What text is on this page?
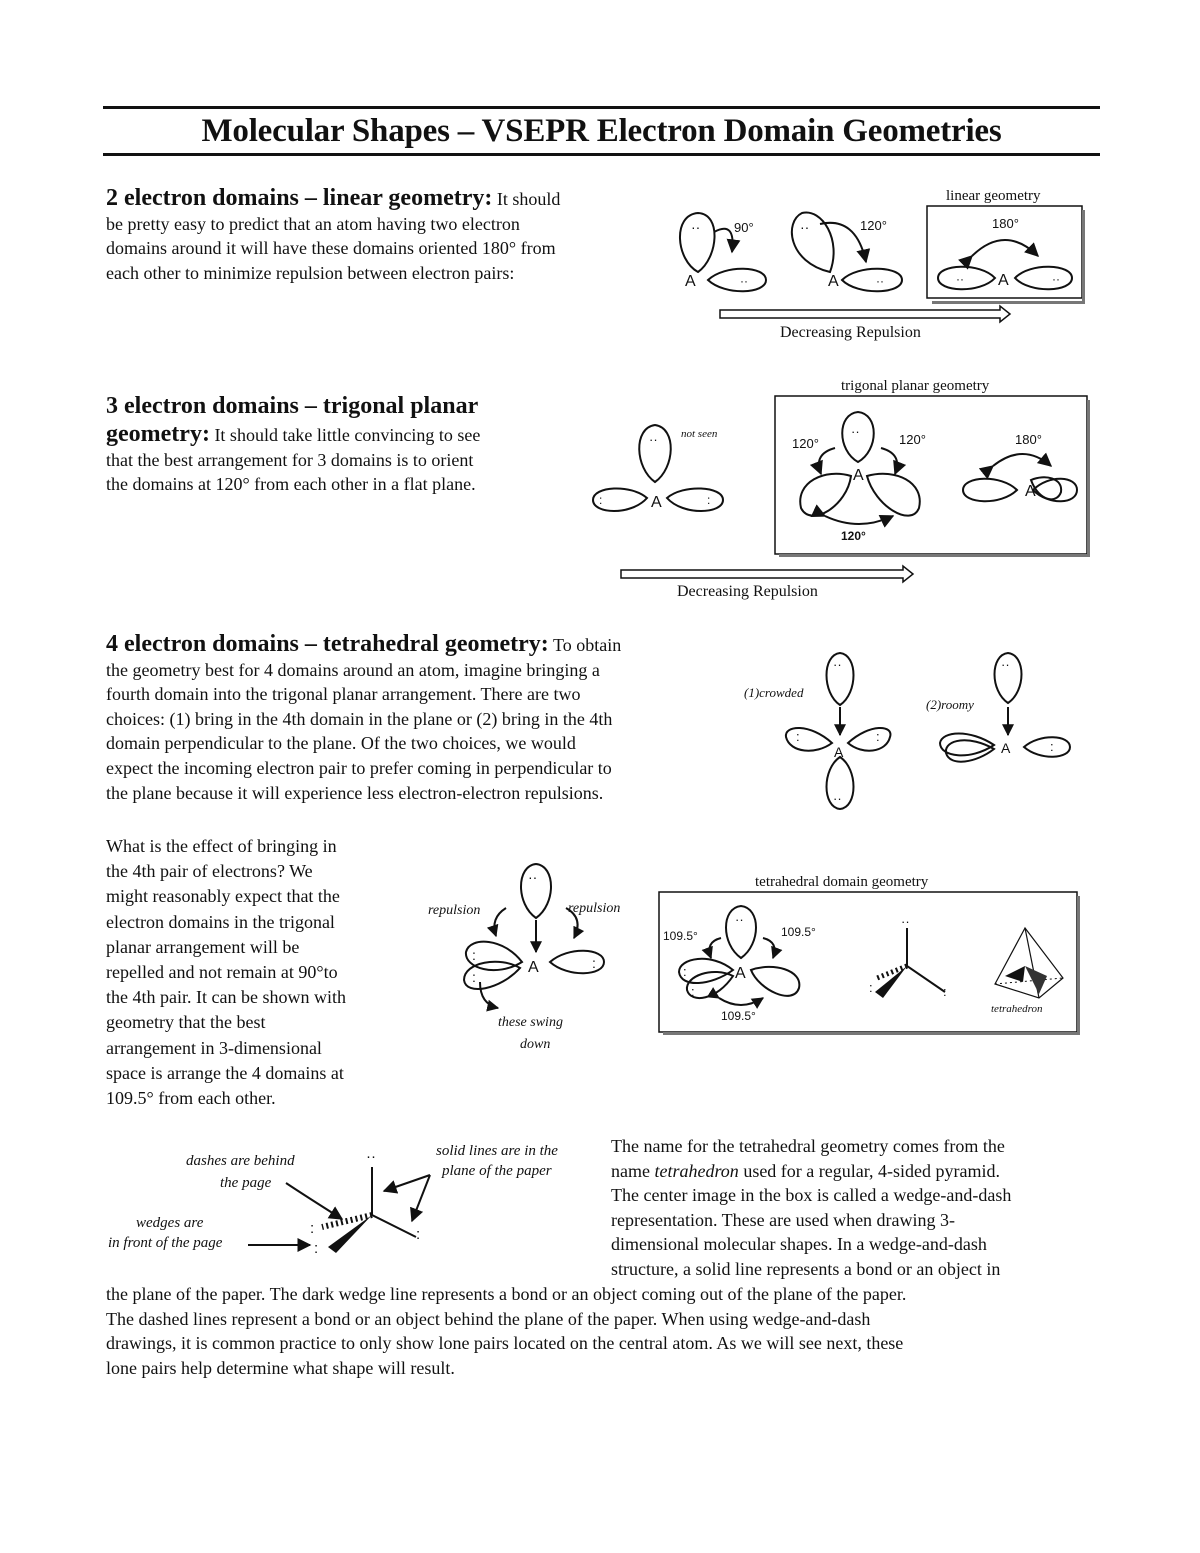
Molecular Shapes – VSEPR Electron Domain Geometries
2 electron domains – linear geometry: It should
be pretty easy to predict that an atom having two electron
domains around it will have these domains oriented 180° from
each other to minimize repulsion between electron pairs:
··
··
A
90°	··
··
A
120°
linear geometry
180°
·· A	··
Decreasing Repulsion
3 electron domains – trigonal planar
geometry: It should take little convincing to see
that the best arrangement for 3 domains is to orient
the domains at 120° from each other in a flat plane.
·· not seen
:	:
A
trigonal planar geometry
120°	120°	180°
··
A
120°
A
Decreasing Repulsion
4 electron domains – tetrahedral geometry: To obtain
the geometry best for 4 domains around an atom, imagine bringing a
fourth domain into the trigonal planar arrangement. There are two
choices: (1) bring in the 4th domain in the plane or (2) bring in the 4th
domain perpendicular to the plane. Of the two choices, we would
expect the incoming electron pair to prefer coming in perpendicular to
the plane because it will experience less electron-electron repulsions.
··
(1)crowded
A
:	:
··
··
(2)roomy
A	:
What is the effect of bringing in
the 4th pair of electrons? We
might reasonably expect that the
electron domains in the trigonal
planar arrangement will be
repelled and not remain at 90°to
the 4th pair. It can be shown with
geometry that the best
arrangement in 3-dimensional
space is arrange the 4 domains at
109.5° from each other.
··
repulsion	repulsion
A
:
:
:
these swing
down
tetrahedral domain geometry
109.5°	109.5°
··
A
:
:
109.5°
··
:
:
tetrahedron
··
:
:
:
dashes are behind
the page
wedges are
in front of the page
solid lines are in the
plane of the paper
The name for the tetrahedral geometry comes from the
name tetrahedron used for a regular, 4-sided pyramid.
The center image in the box is called a wedge-and-dash
representation. These are used when drawing 3-
dimensional molecular shapes. In a wedge-and-dash
structure, a solid line represents a bond or an object in
the plane of the paper. The dark wedge line represents a bond or an object coming out of the plane of the paper.
The dashed lines represent a bond or an object behind the plane of the paper. When using wedge-and-dash
drawings, it is common practice to only show lone pairs located on the central atom. As we will see next, these
lone pairs help determine what shape will result.
